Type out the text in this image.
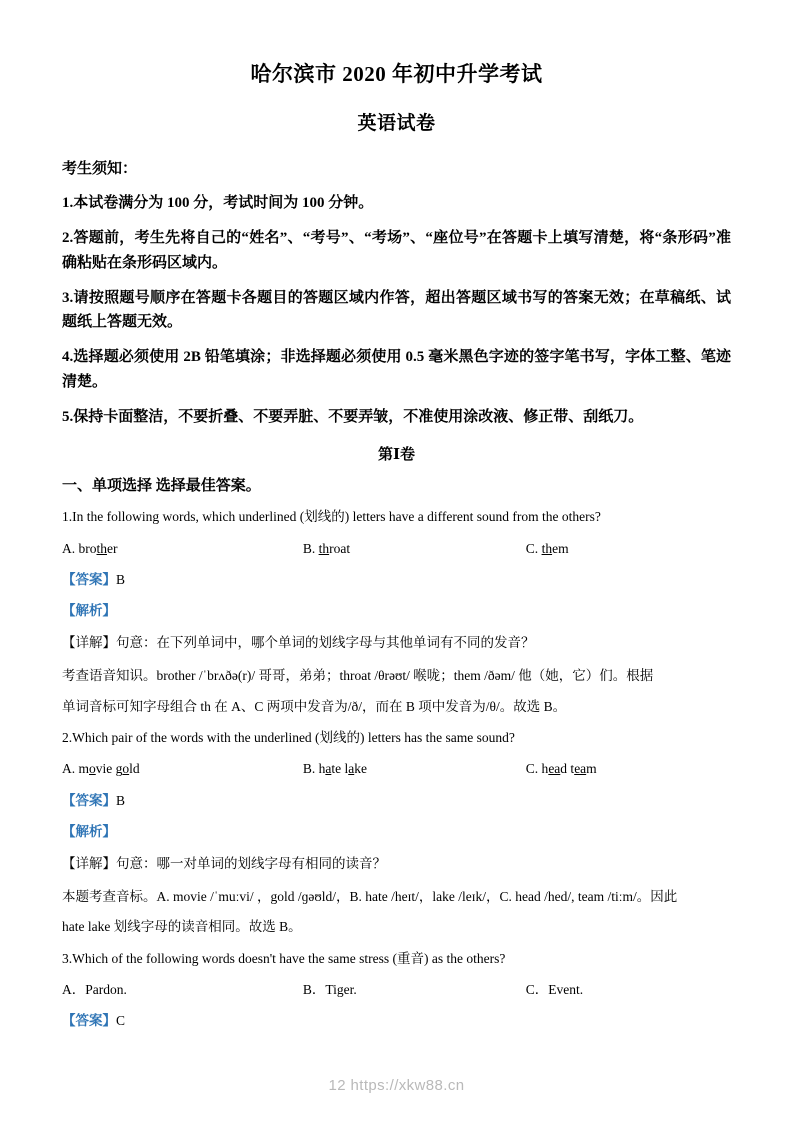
哈尔滨市 2020 年初中升学考试
英语试卷

考生须知：

1.本试卷满分为 100 分，考试时间为 100 分钟。

2.答题前，考生先将自己的“姓名”、“考号”、“考场”、“座位号”在答题卡上填写清楚，将“条形码”准确粘贴在条形码区域内。

3.请按照题号顺序在答题卡各题目的答题区域内作答，超出答题区域书写的答案无效；在草稿纸、试题纸上答题无效。

4.选择题必须使用 2B 铅笔填涂；非选择题必须使用 0.5 毫米黑色字迹的签字笔书写，字体工整、笔迹清楚。

5.保持卡面整洁，不要折叠、不要弄脏、不要弄皱，不准使用涂改液、修正带、刮纸刀。

第Ⅰ卷

一、单项选择 选择最佳答案。

1.In the following words, which underlined (划线的) letters have a different sound from the others?

A. brother	B. throat	C. them

【答案】B

【解析】

【详解】句意：在下列单词中，哪个单词的划线字母与其他单词有不同的发音？

考查语音知识。brother /ˈbrʌðə(r)/ 哥哥，弟弟；throat /θrəʊt/ 喉咙；them /ðəm/ 他（她，它）们。根据

单词音标可知字母组合 th 在 A、C 两项中发音为/ð/，而在 B 项中发音为/θ/。故选 B。

2.Which pair of the words with the underlined (划线的) letters has the same sound?

A. movie gold	B. hate lake	C. head team

【答案】B

【解析】

【详解】句意：哪一对单词的划线字母有相同的读音？

本题考查音标。A. movie /ˈmuːvi/ ，gold /ɡəʊld/，B. hate /heɪt/，lake /leɪk/，C. head /hed/, team /tiːm/。因此

hate lake 划线字母的读音相同。故选 B。

3.Which of the following words doesn't have the same stress (重音) as the others?

A．Pardon.	B．Tiger.	C．Event.

【答案】C

12 https://xkw88.cn
